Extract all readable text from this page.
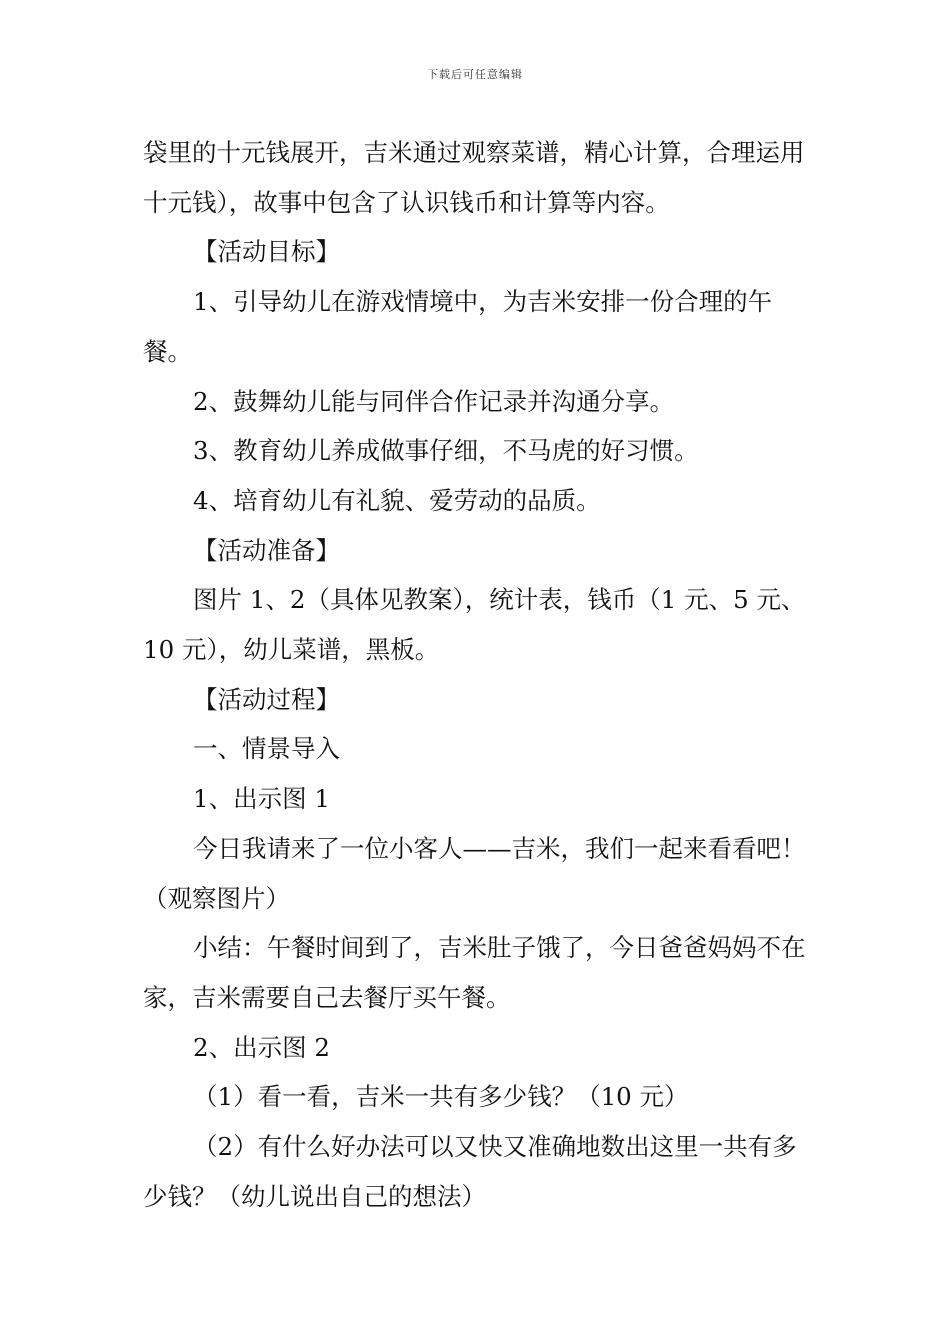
下载后可任意编辑

袋里的十元钱展开，吉米通过观察菜谱，精心计算，合理运用十元钱），故事中包含了认识钱币和计算等内容。

【活动目标】

1、引导幼儿在游戏情境中，为吉米安排一份合理的午餐。

2、鼓舞幼儿能与同伴合作记录并沟通分享。

3、教育幼儿养成做事仔细，不马虎的好习惯。

4、培育幼儿有礼貌、爱劳动的品质。

【活动准备】

图片 1、2（具体见教案），统计表，钱币（1 元、5 元、10 元），幼儿菜谱，黑板。

【活动过程】

一、情景导入

1、出示图 1

今日我请来了一位小客人——吉米，我们一起来看看吧！（观察图片）

小结：午餐时间到了，吉米肚子饿了，今日爸爸妈妈不在家，吉米需要自己去餐厅买午餐。

2、出示图 2

（1）看一看，吉米一共有多少钱？（10 元）

（2）有什么好办法可以又快又准确地数出这里一共有多少钱？（幼儿说出自己的想法）
